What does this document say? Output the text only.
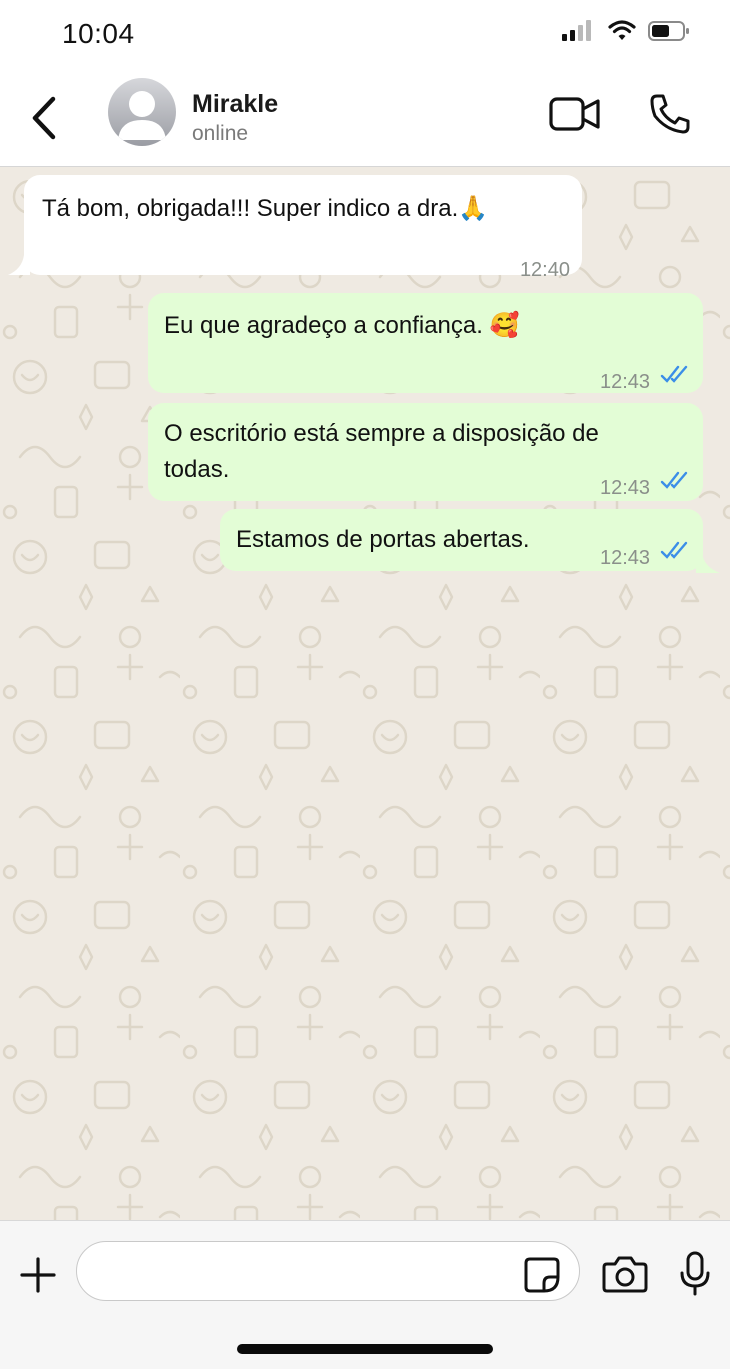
10:04
Mirakle
online
Tá bom, obrigada!!! Super indico a dra.🙏
12:40
Eu que agradeço a confiança. 🥰
12:43
O escritório está sempre a disposição de
todas.
12:43
Estamos de portas abertas.
12:43
